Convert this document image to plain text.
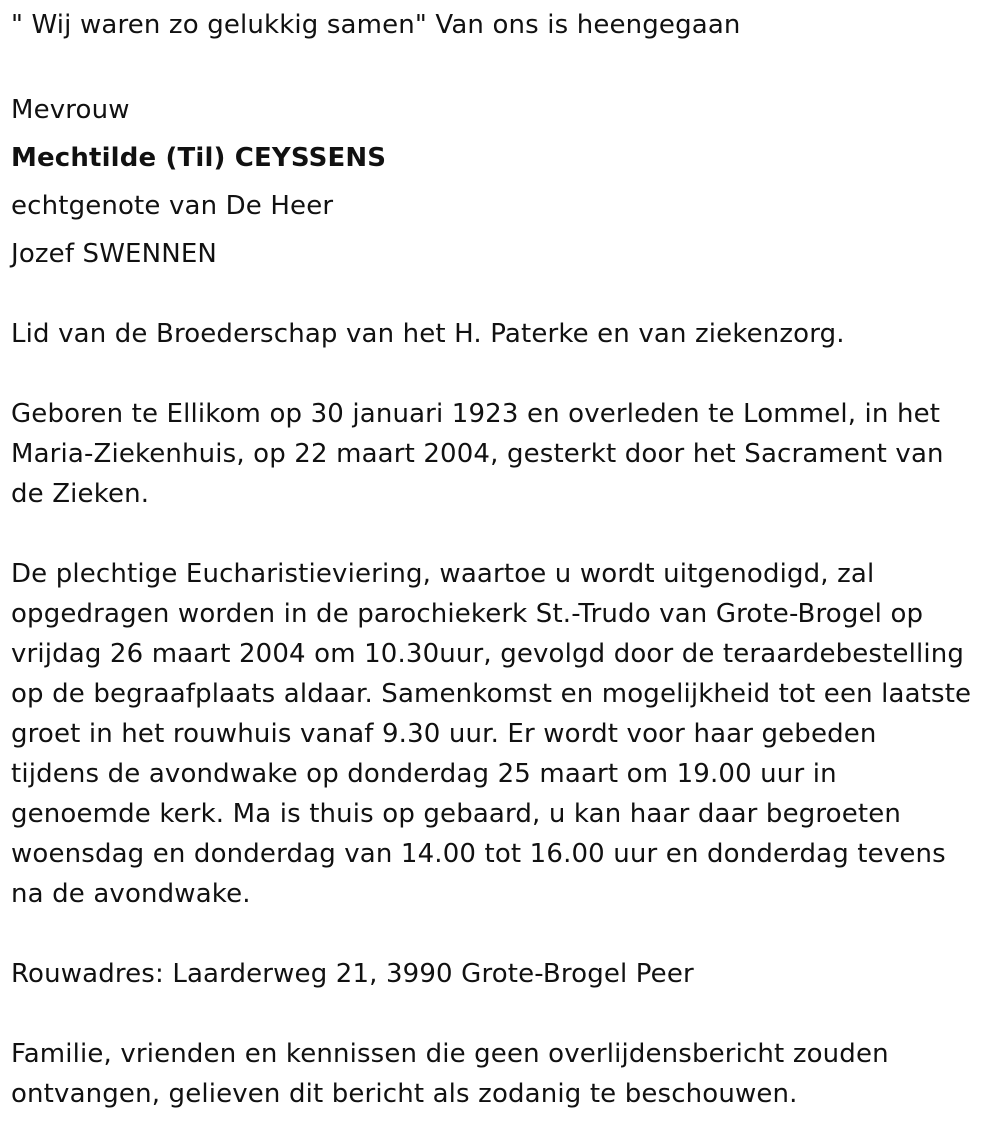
" Wij waren zo gelukkig samen" Van ons is heengegaan
Mevrouw
Mechtilde (Til) CEYSSENS
echtgenote van De Heer
Jozef SWENNEN
Lid van de Broederschap van het H. Paterke en van ziekenzorg.
Geboren te Ellikom op 30 januari 1923 en overleden te Lommel, in het
Maria-Ziekenhuis, op 22 maart 2004, gesterkt door het Sacrament van
de Zieken.
De plechtige Eucharistieviering, waartoe u wordt uitgenodigd, zal
opgedragen worden in de parochiekerk St.-Trudo van Grote-Brogel op
vrijdag 26 maart 2004 om 10.30uur, gevolgd door de teraardebestelling
op de begraafplaats aldaar. Samenkomst en mogelijkheid tot een laatste
groet in het rouwhuis vanaf 9.30 uur. Er wordt voor haar gebeden
tijdens de avondwake op donderdag 25 maart om 19.00 uur in
genoemde kerk. Ma is thuis op gebaard, u kan haar daar begroeten
woensdag en donderdag van 14.00 tot 16.00 uur en donderdag tevens
na de avondwake.
Rouwadres: Laarderweg 21, 3990 Grote-Brogel Peer
Familie, vrienden en kennissen die geen overlijdensbericht zouden
ontvangen, gelieven dit bericht als zodanig te beschouwen.
